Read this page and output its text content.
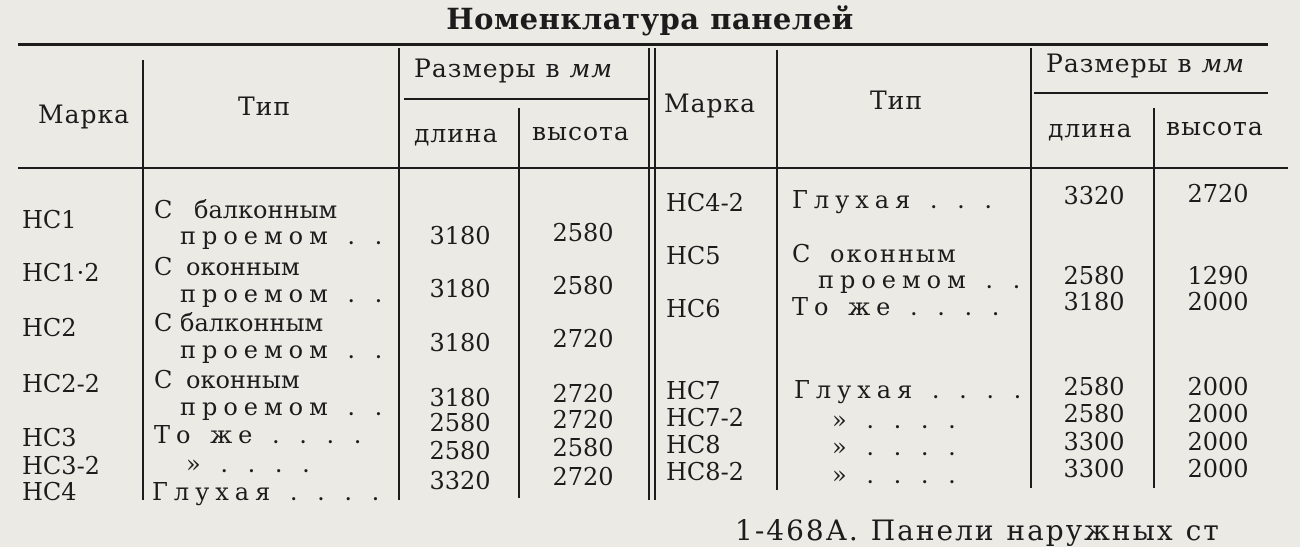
Номенклатура панелей
Марка	Тип
Размеры в мм
длина высота
Марка	Тип
Размеры в мм
длина высота
НС1	С балконным
проемом . .	3180	2580
НС1·2 С оконным
проемом . .	3180	2580
НС2	С балконным
проемом . .	3180	2720
НС2-2 С оконным
проемом . .	3180	2720
НС3	То же . . . .	2580	2720
НС3-2	» . . . .	2580	2580
НС4	Глухая . . . .	3320	2720
НС4-2 Глухая . . .	3320	2720
НС5	С оконным
проемом . .	2580	1290
НС6	То же . . . .	3180	2000
НС7	Глухая . . . .	2580	2000
НС7-2	» . . . .	2580	2000
НС8	» . . . .	3300	2000
НС8-2	» . . . .	3300	2000
1-468А. Панели наружных ст
